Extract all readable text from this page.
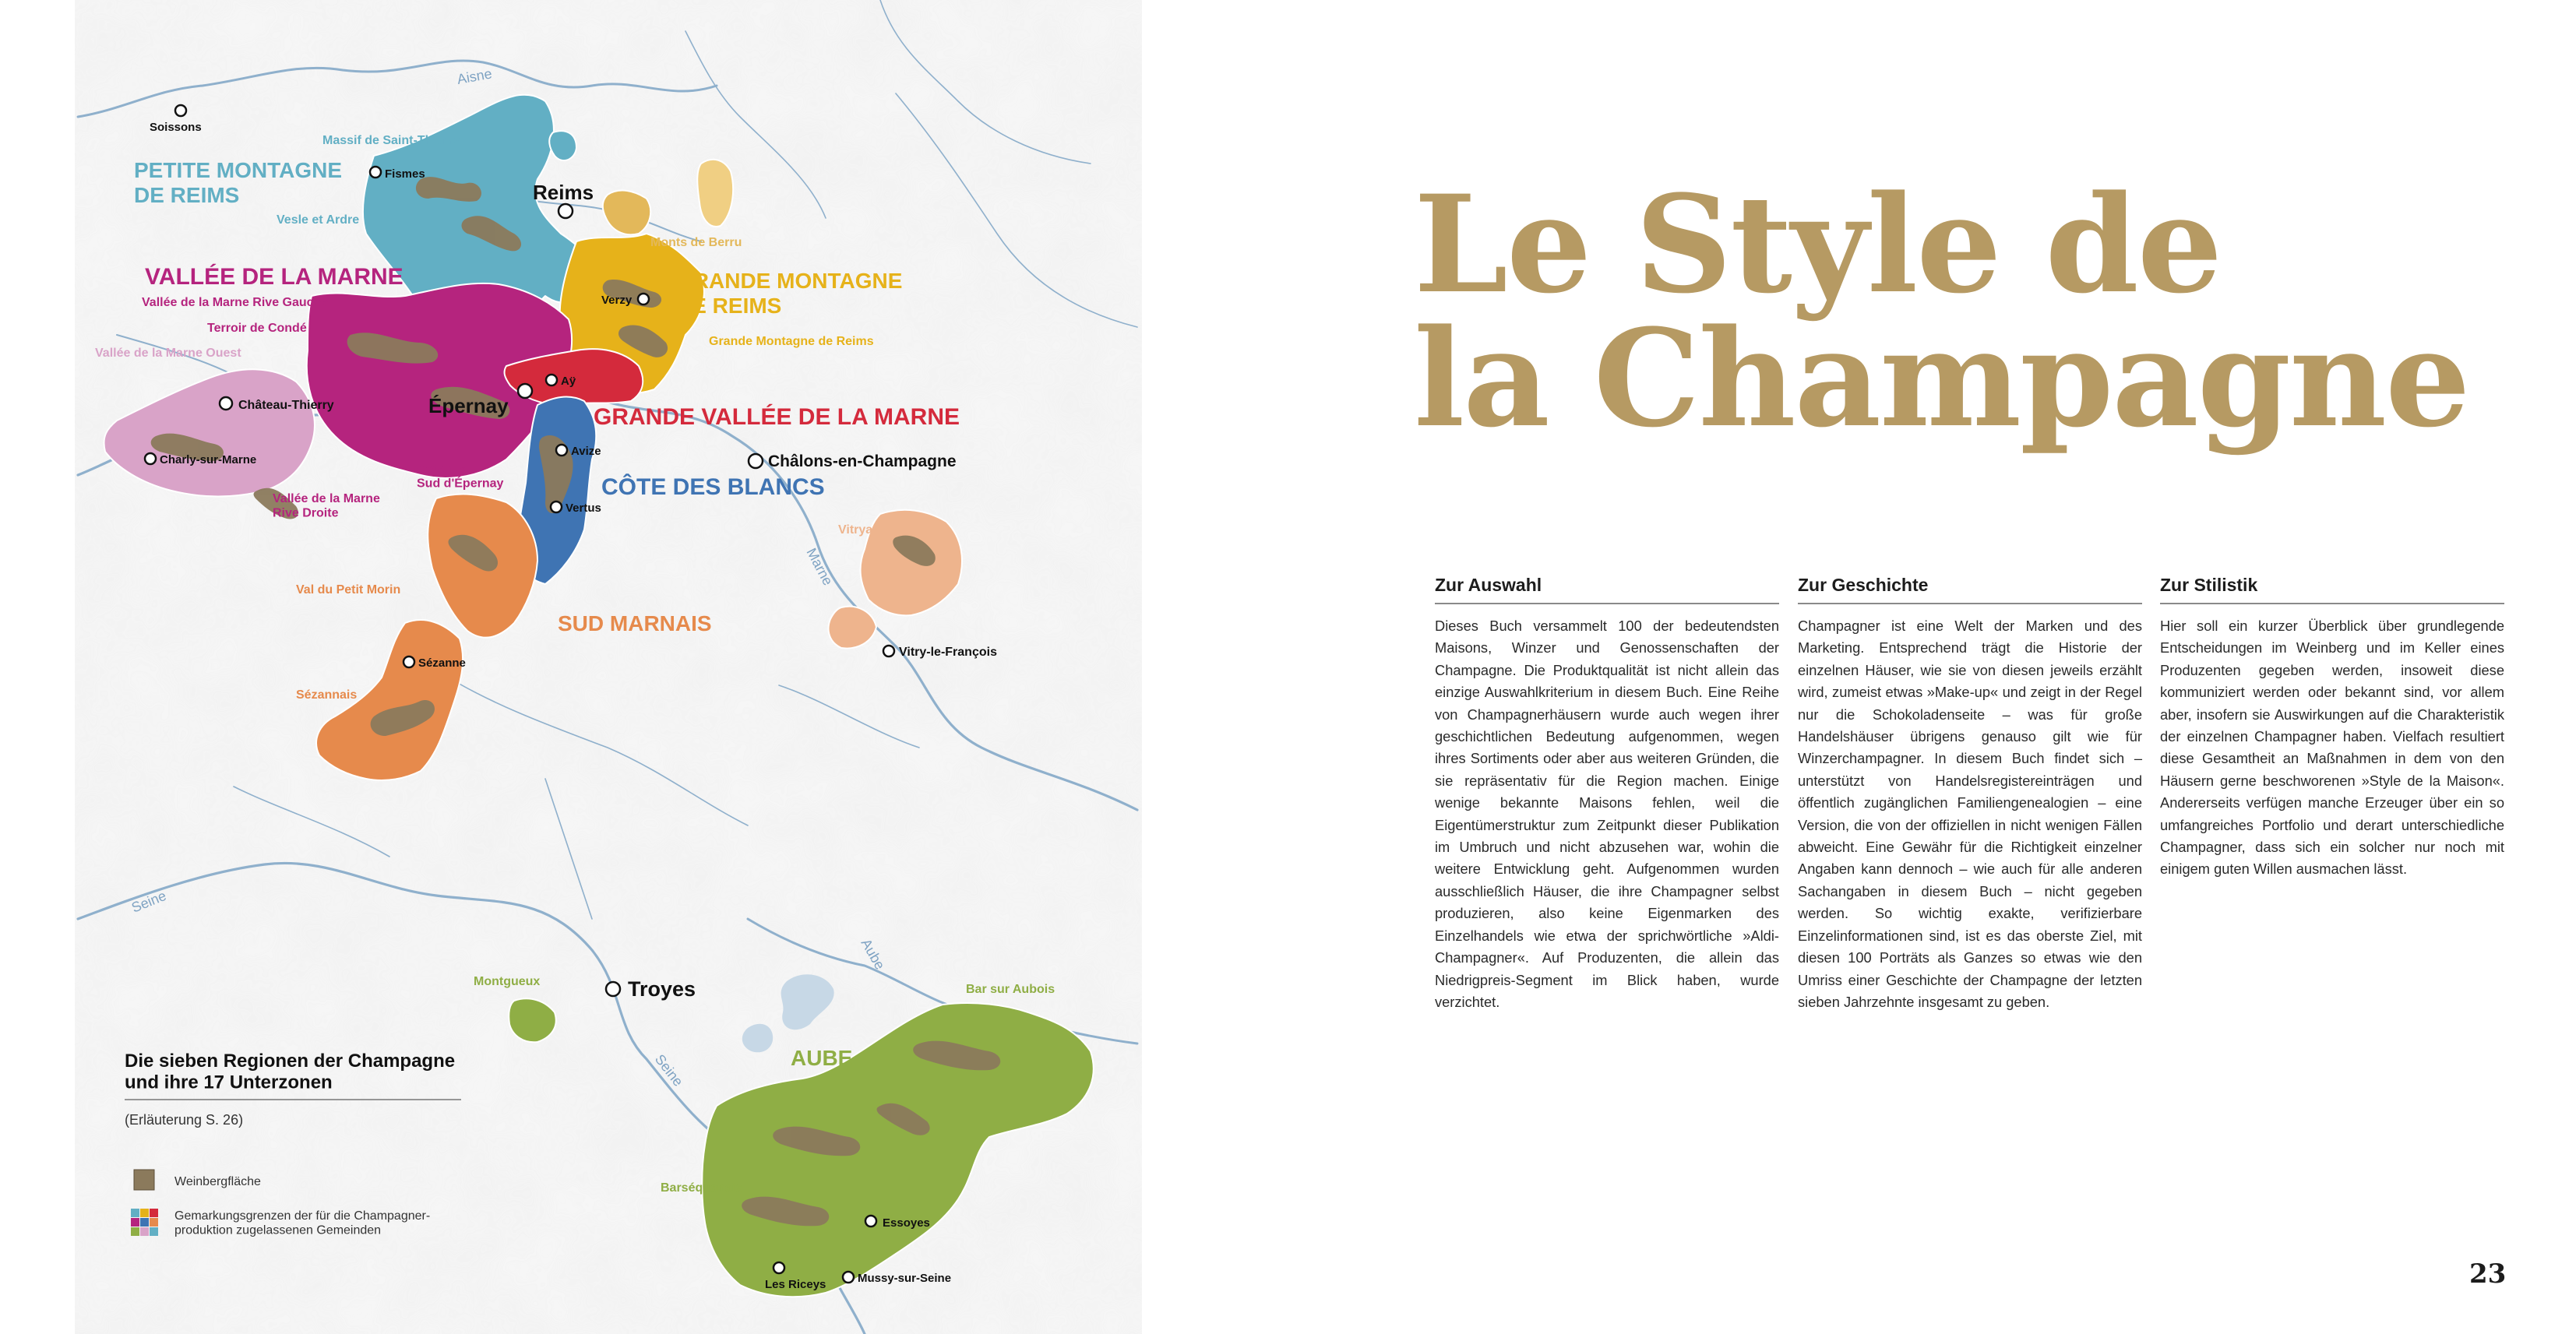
PETITE MONTAGNE DE REIMS
VALLÉE DE LA MARNE	GRANDE MONTAGNE DE REIMS
GRANDE VALLÉE DE LA MARNE
CÔTE DES BLANCS
SUD MARNAIS
AUBE
Massif de Saint-Thierry
Vesle et Ardre
Monts de Berru
Grande Montagne de Reims
Vallée de la Marne Rive Gauche
Terroir de Condé
Vallée de la Marne Ouest
Coteaux Sud d'Épernay
Vallée de la Marne Rive Droite
Val du Petit Morin
Sézannais
Vitryat
Montgueux
Bar sur Aubois
Barséquanais
Aisne
Marne
Seine
Aube
Seine
Soissons
Fismes
Reims
Verzy
Aÿ
Épernay
Château-Thierry
Charly-sur-Marne
Avize
Vertus
Châlons-en-Champagne
Sézanne
Vitry-le-François
Troyes
Essoyes
Les Riceys	Mussy-sur-Seine
Die sieben Regionen der Champagne und ihre 17 Unterzonen
(Erläuterung S. 26)
Weinbergfläche
Gemarkungsgrenzen der für die Champagner-produktion zugelassenen Gemeinden
Le Style de
la Champagne
Zur Auswahl

Dieses Buch versammelt 100 der bedeutendsten Maisons, Winzer und Genossenschaften der Champagne. Die Produktqualität ist nicht allein das einzige Auswahlkriterium in diesem Buch. Eine Reihe von Champagnerhäusern wurde auch wegen ihrer geschichtlichen Bedeutung aufgenommen, wegen ihres Sortiments oder aber aus weiteren Gründen, die sie repräsentativ für die Region machen. Einige wenige bekannte Maisons fehlen, weil die Eigentümerstruktur zum Zeitpunkt dieser Publikation im Umbruch und nicht abzusehen war, wohin die weitere Entwicklung geht. Aufgenommen wurden ausschließlich Häuser, die ihre Champagner selbst produzieren, also keine Eigenmarken des Einzelhandels wie etwa der sprichwörtliche »Aldi-Champagner«. Auf Produzenten, die allein das Niedrigpreis-Segment im Blick haben, wurde verzichtet.

Zur Geschichte

Champagner ist eine Welt der Marken und des Marketing. Entsprechend trägt die Historie der einzelnen Häuser, wie sie von diesen jeweils erzählt wird, zumeist etwas »Make-up« und zeigt in der Regel nur die Schokoladenseite – was für große Handelshäuser übrigens genauso gilt wie für Winzerchampagner. In diesem Buch findet sich – unterstützt von Handelsregistereinträgen und öffentlich zugänglichen Familiengenealogien – eine Version, die von der offiziellen in nicht wenigen Fällen abweicht. Eine Gewähr für die Richtigkeit einzelner Angaben kann dennoch – wie auch für alle anderen Sachangaben in diesem Buch – nicht gegeben werden. So wichtig exakte, verifizierbare Einzelinformationen sind, ist es das oberste Ziel, mit diesen 100 Porträts als Ganzes so etwas wie den Umriss einer Geschichte der Champagne der letzten sieben Jahrzehnte insgesamt zu geben.

Zur Stilistik

Hier soll ein kurzer Überblick über grundlegende Entscheidungen im Weinberg und im Keller eines Produzenten gegeben werden, insoweit diese kommuniziert werden oder bekannt sind, vor allem aber, insofern sie Auswirkungen auf die Charakteristik der einzelnen Champagner haben. Vielfach resultiert diese Gesamtheit an Maßnahmen in dem von den Häusern gerne beschworenen »Style de la Maison«. Andererseits verfügen manche Erzeuger über ein so umfangreiches Portfolio und derart unterschiedliche Champagner, dass sich ein solcher nur noch mit einigem guten Willen ausmachen lässt.

23
